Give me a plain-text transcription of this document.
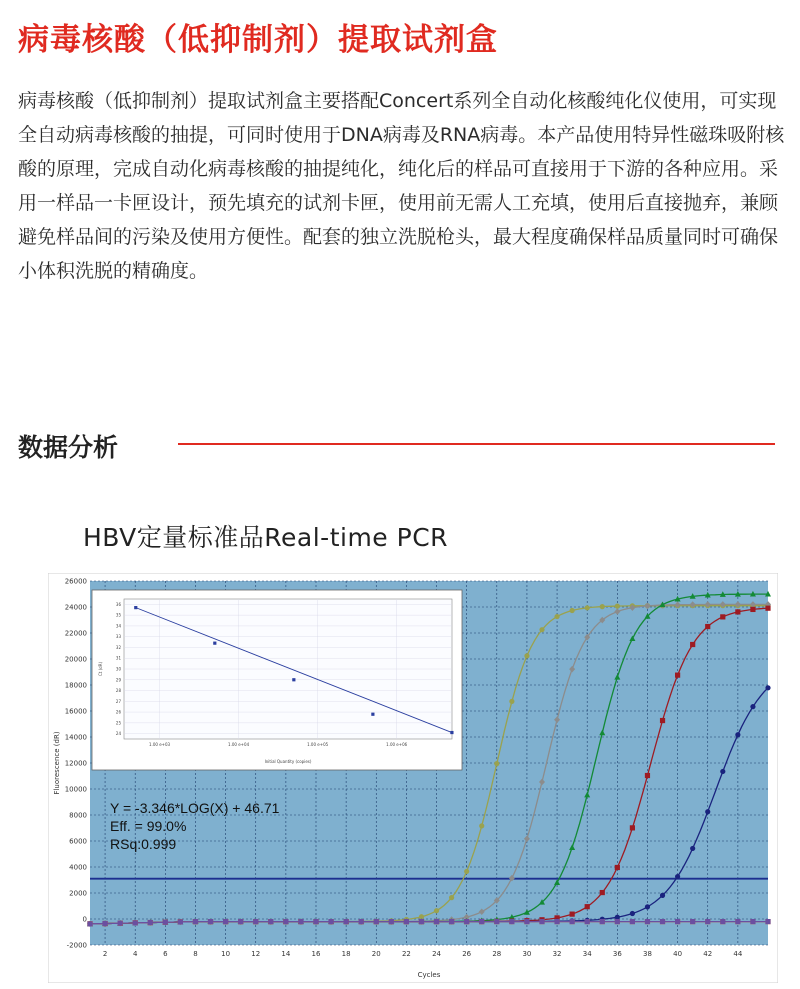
病毒核酸（低抑制剂）提取试剂盒
病毒核酸（低抑制剂）提取试剂盒主要搭配Concert系列全自动化核酸纯化仪使用，可实现全自动病毒核酸的抽提，可同时使用于DNA病毒及RNA病毒。本产品使用特异性磁珠吸附核酸的原理，完成自动化病毒核酸的抽提纯化，纯化后的样品可直接用于下游的各种应用。采用一样品一卡匣设计，预先填充的试剂卡匣，使用前无需人工充填，使用后直接抛弃，兼顾避免样品间的污染及使用方便性。配套的独立洗脱枪头，最大程度确保样品质量同时可确保小体积洗脱的精确度。
数据分析
HBV定量标准品Real-time PCR
2	4	6	8	10	12	14	16	18	20	22	24	26	28	30	32	34	36	38	40	42	44
-2000
0
2000
4000
6000
8000
10000
12000
14000
16000
18000
20000
22000
24000
26000
24
25
26
27
28
29
30
31
32
33
34
35
36
1.00 e+03	1.00 e+04	1.00 e+05	1.00 e+06
Initial Quantity (copies)
Ct (dR)
Fluorescence (dR)
Cycles
Y = -3.346*LOG(X) + 46.71
Eff. = 99.0%
RSq:0.999
